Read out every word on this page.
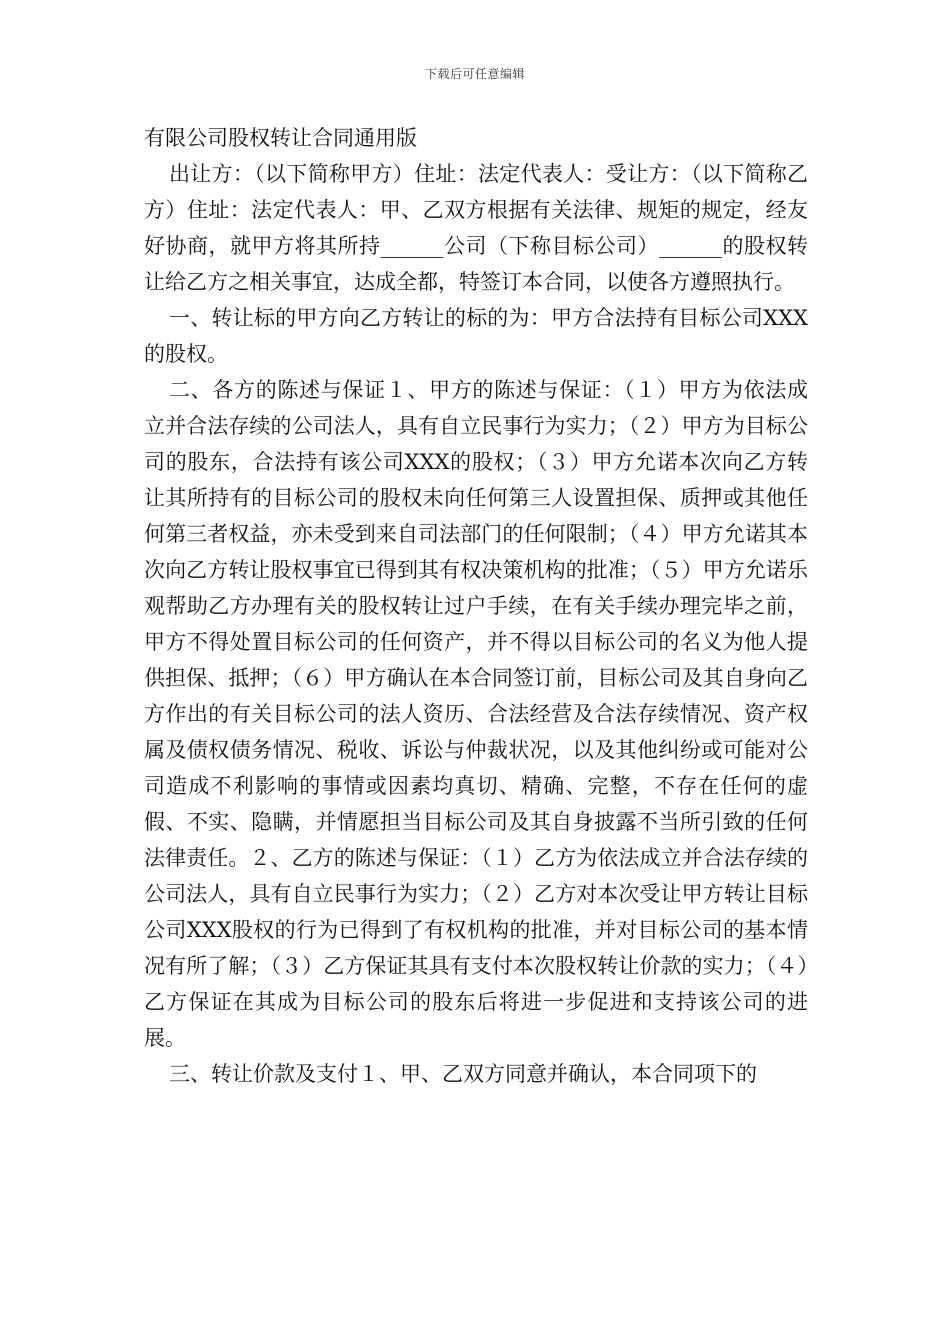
下载后可任意编辑
有限公司股权转让合同通用版

出让方：（以下简称甲方）住址：法定代表人：受让方：（以下简称乙方）住址：法定代表人：甲、乙双方根据有关法律、规矩的规定，经友好协商，就甲方将其所持______公司（下称目标公司）______的股权转让给乙方之相关事宜，达成全都，特签订本合同，以使各方遵照执行。

一、转让标的甲方向乙方转让的标的为：甲方合法持有目标公司XXX的股权。

二、各方的陈述与保证１、甲方的陈述与保证：（１）甲方为依法成立并合法存续的公司法人，具有自立民事行为实力；（２）甲方为目标公司的股东，合法持有该公司XXX的股权；（３）甲方允诺本次向乙方转让其所持有的目标公司的股权未向任何第三人设置担保、质押或其他任何第三者权益，亦未受到来自司法部门的任何限制；（４）甲方允诺其本次向乙方转让股权事宜已得到其有权决策机构的批准；（５）甲方允诺乐观帮助乙方办理有关的股权转让过户手续，在有关手续办理完毕之前，甲方不得处置目标公司的任何资产，并不得以目标公司的名义为他人提供担保、抵押；（６）甲方确认在本合同签订前，目标公司及其自身向乙方作出的有关目标公司的法人资历、合法经营及合法存续情况、资产权属及债权债务情况、税收、诉讼与仲裁状况，以及其他纠纷或可能对公司造成不利影响的事情或因素均真切、精确、完整，不存在任何的虚假、不实、隐瞒，并情愿担当目标公司及其自身披露不当所引致的任何法律责任。２、乙方的陈述与保证：（１）乙方为依法成立并合法存续的公司法人，具有自立民事行为实力；（２）乙方对本次受让甲方转让目标公司XXX股权的行为已得到了有权机构的批准，并对目标公司的基本情况有所了解；（３）乙方保证其具有支付本次股权转让价款的实力；（４）乙方保证在其成为目标公司的股东后将进一步促进和支持该公司的进展。

三、转让价款及支付１、甲、乙双方同意并确认，本合同项下的
